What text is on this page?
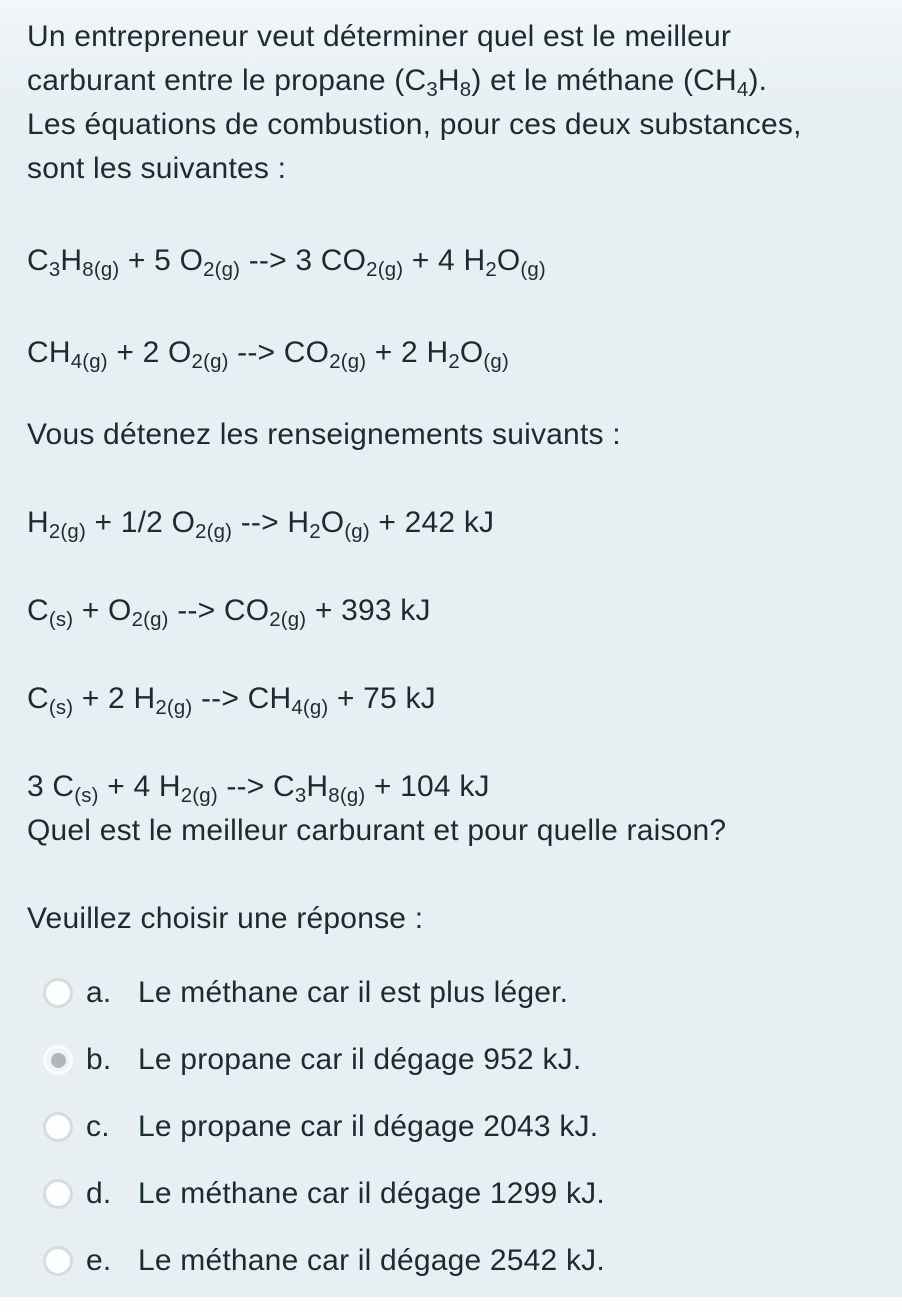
Un entrepreneur veut déterminer quel est le meilleur

carburant entre le propane $(C_3H_8)$ et le méthane $(CH_4)$.

Les équations de combustion, pour ces deux substances,

sont les suivantes :

$C_3H_{8(g)} + 5$ $O_{2(g)}$ --> 3 $CO_{2(g)} + 4$ $H_2O_{(g)}$

$CH_{4(g)} + 2$ $O_{2(g)}$ --> $CO_{2(g)} + 2$ $H_2O_{(g)}$

Vous détenez les renseignements suivants :

$H_{2(g)} + 1/2$ $O_{2(g)}$ --> $H_2O_{(g)} + 242$ kJ

$C_{(s)} + O_{2(g)}$ --> $CO_{2(g)} + 393$ kJ

$C_{(s)} + 2$ $H_{2(g)}$ --> $CH_{4(g)} + 75$ kJ

3 $C_{(s)} + 4$ $H_{2(g)}$ --> $C_3H_{8(g)} + 104$ kJ

Quel est le meilleur carburant et pour quelle raison?

Veuillez choisir une réponse :

a. Le méthane car il est plus léger.
b. Le propane car il dégage 952 kJ.
c. Le propane car il dégage 2043 kJ.
d. Le méthane car il dégage 1299 kJ.
e. Le méthane car il dégage 2542 kJ.
